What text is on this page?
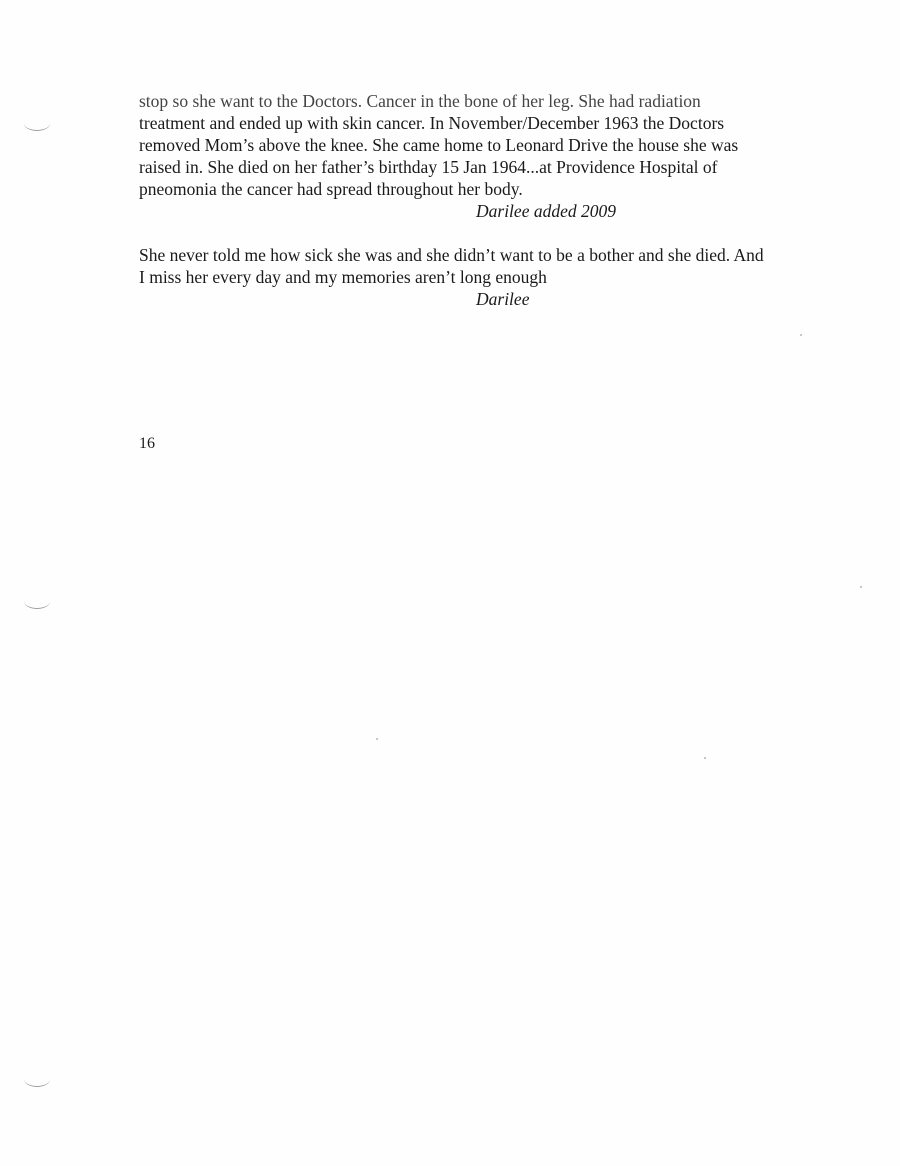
stop so she want to the Doctors. Cancer in the bone of her leg. She had radiation
treatment and ended up with skin cancer. In November/December 1963 the Doctors
removed Mom’s above the knee. She came home to Leonard Drive the house she was
raised in. She died on her father’s birthday 15 Jan 1964...at Providence Hospital of
pneomonia the cancer had spread throughout her body.
Darilee added 2009
She never told me how sick she was and she didn’t want to be a bother and she died. And
I miss her every day and my memories aren’t long enough
Darilee
16
